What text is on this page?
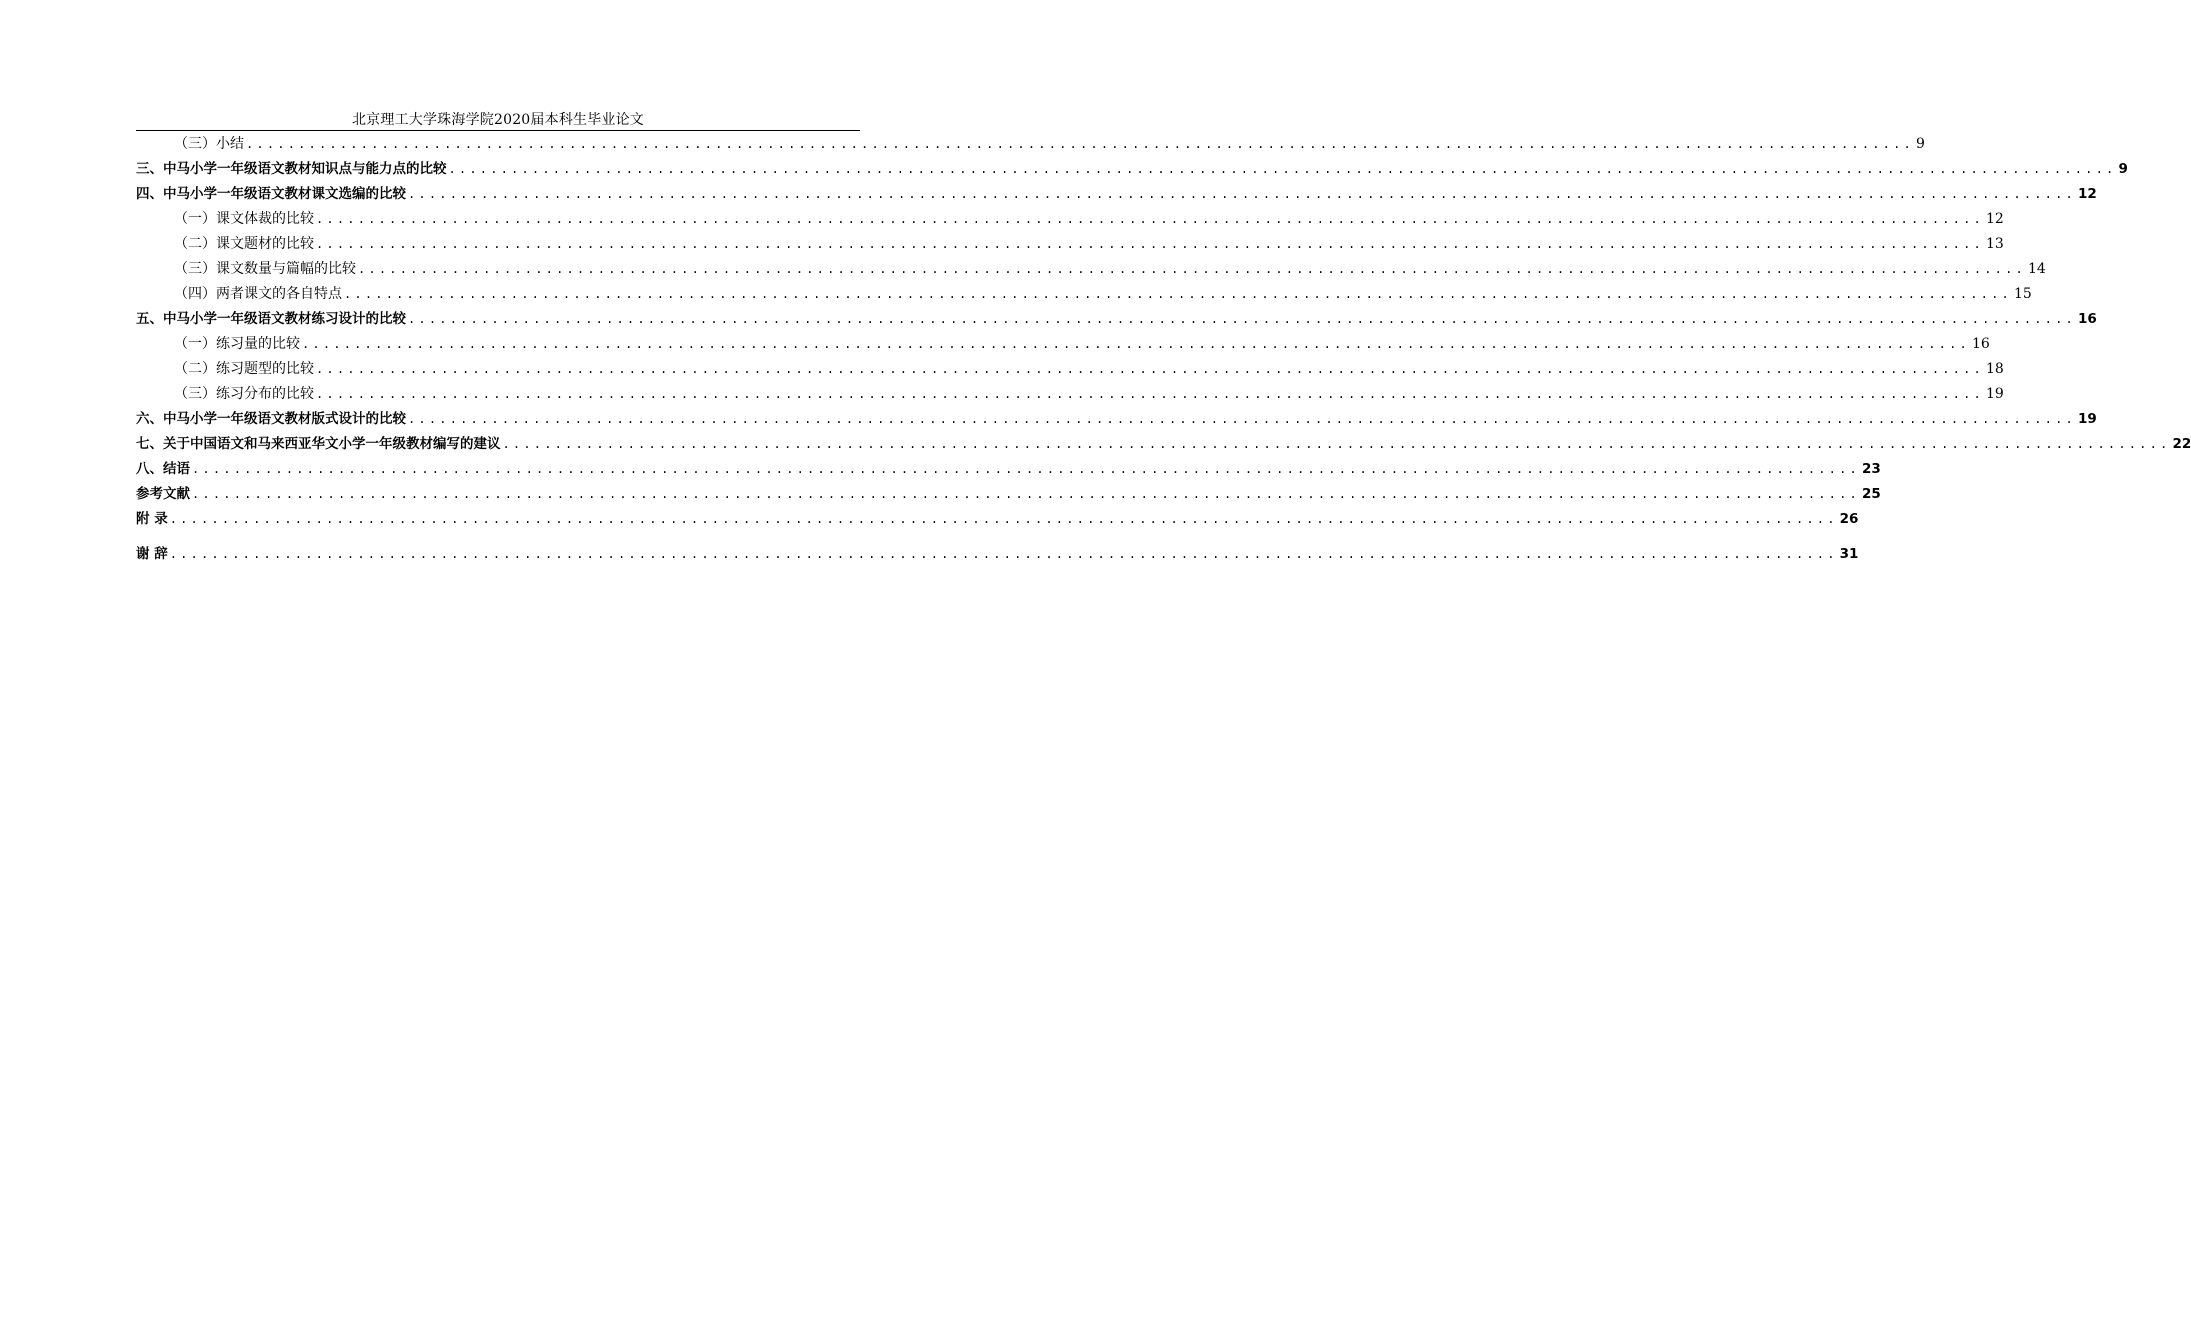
北京理工大学珠海学院2020届本科生毕业论文
（三）小结 ................................................................................................................................................................ 9
三、中马小学一年级语文教材知识点与能力点的比较 ................................................................................................................................................................ 9
四、中马小学一年级语文教材课文选编的比较 ................................................................................................................................................................ 12
（一）课文体裁的比较 ................................................................................................................................................................ 12
（二）课文题材的比较 ................................................................................................................................................................ 13
（三）课文数量与篇幅的比较 ................................................................................................................................................................ 14
（四）两者课文的各自特点 ................................................................................................................................................................ 15
五、中马小学一年级语文教材练习设计的比较 ................................................................................................................................................................ 16
（一）练习量的比较 ................................................................................................................................................................ 16
（二）练习题型的比较 ................................................................................................................................................................ 18
（三）练习分布的比较 ................................................................................................................................................................ 19
六、中马小学一年级语文教材版式设计的比较 ................................................................................................................................................................ 19
七、关于中国语文和马来西亚华文小学一年级教材编写的建议 ................................................................................................................................................................ 22
八、结语 ................................................................................................................................................................ 23
参考文献 ................................................................................................................................................................ 25
附 录 ................................................................................................................................................................ 26
谢 辞 ................................................................................................................................................................ 31
